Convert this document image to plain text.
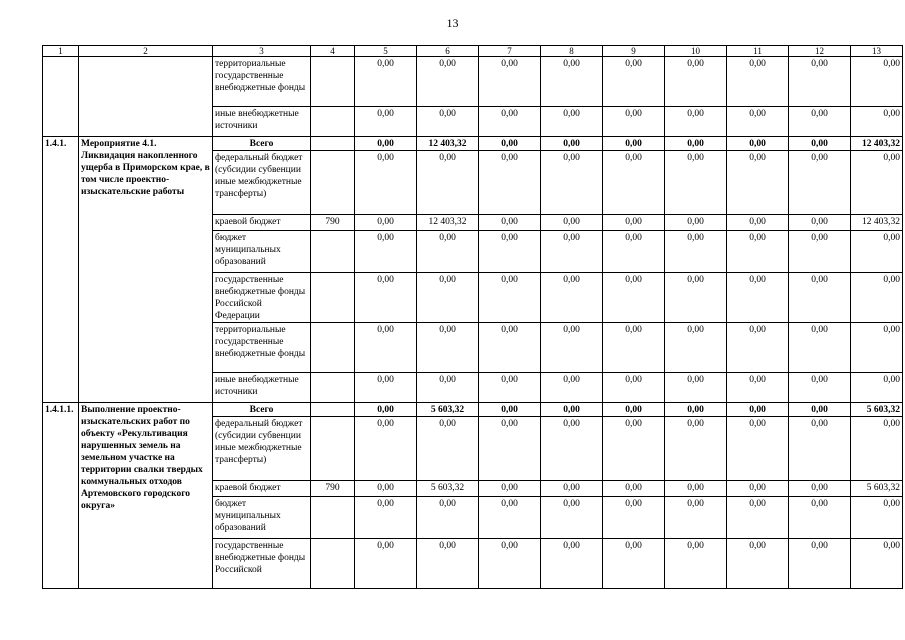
13
1	2	3	4	5	6	7	8	9	10	11	12	13
		территориальные государственные внебюджетные фонды		0,00	0,00	0,00	0,00	0,00	0,00	0,00	0,00	0,00
		иные внебюджетные источники		0,00	0,00	0,00	0,00	0,00	0,00	0,00	0,00	0,00
1.4.1.	Мероприятие 4.1. Ликвидация накопленного ущерба в Приморском крае, в том числе проектно-изыскательские работы	Всего		0,00	12 403,32	0,00	0,00	0,00	0,00	0,00	0,00	12 403,32
		федеральный бюджет (субсидии субвенции иные межбюджетные трансферты)		0,00	0,00	0,00	0,00	0,00	0,00	0,00	0,00	0,00
		краевой бюджет	790	0,00	12 403,32	0,00	0,00	0,00	0,00	0,00	0,00	12 403,32
		бюджет муниципальных образований		0,00	0,00	0,00	0,00	0,00	0,00	0,00	0,00	0,00
		государственные внебюджетные фонды Российской Федерации		0,00	0,00	0,00	0,00	0,00	0,00	0,00	0,00	0,00
		территориальные государственные внебюджетные фонды		0,00	0,00	0,00	0,00	0,00	0,00	0,00	0,00	0,00
		иные внебюджетные источники		0,00	0,00	0,00	0,00	0,00	0,00	0,00	0,00	0,00
1.4.1.1.	Выполнение проектно-изыскательских работ по объекту «Рекультивация нарушенных земель на земельном участке на территории свалки твердых коммунальных отходов Артемовского городского округа»	Всего		0,00	5 603,32	0,00	0,00	0,00	0,00	0,00	0,00	5 603,32
		федеральный бюджет (субсидии субвенции иные межбюджетные трансферты)		0,00	0,00	0,00	0,00	0,00	0,00	0,00	0,00	0,00
		краевой бюджет	790	0,00	5 603,32	0,00	0,00	0,00	0,00	0,00	0,00	5 603,32
		бюджет муниципальных образований		0,00	0,00	0,00	0,00	0,00	0,00	0,00	0,00	0,00
		государственные внебюджетные фонды Российской		0,00	0,00	0,00	0,00	0,00	0,00	0,00	0,00	0,00
